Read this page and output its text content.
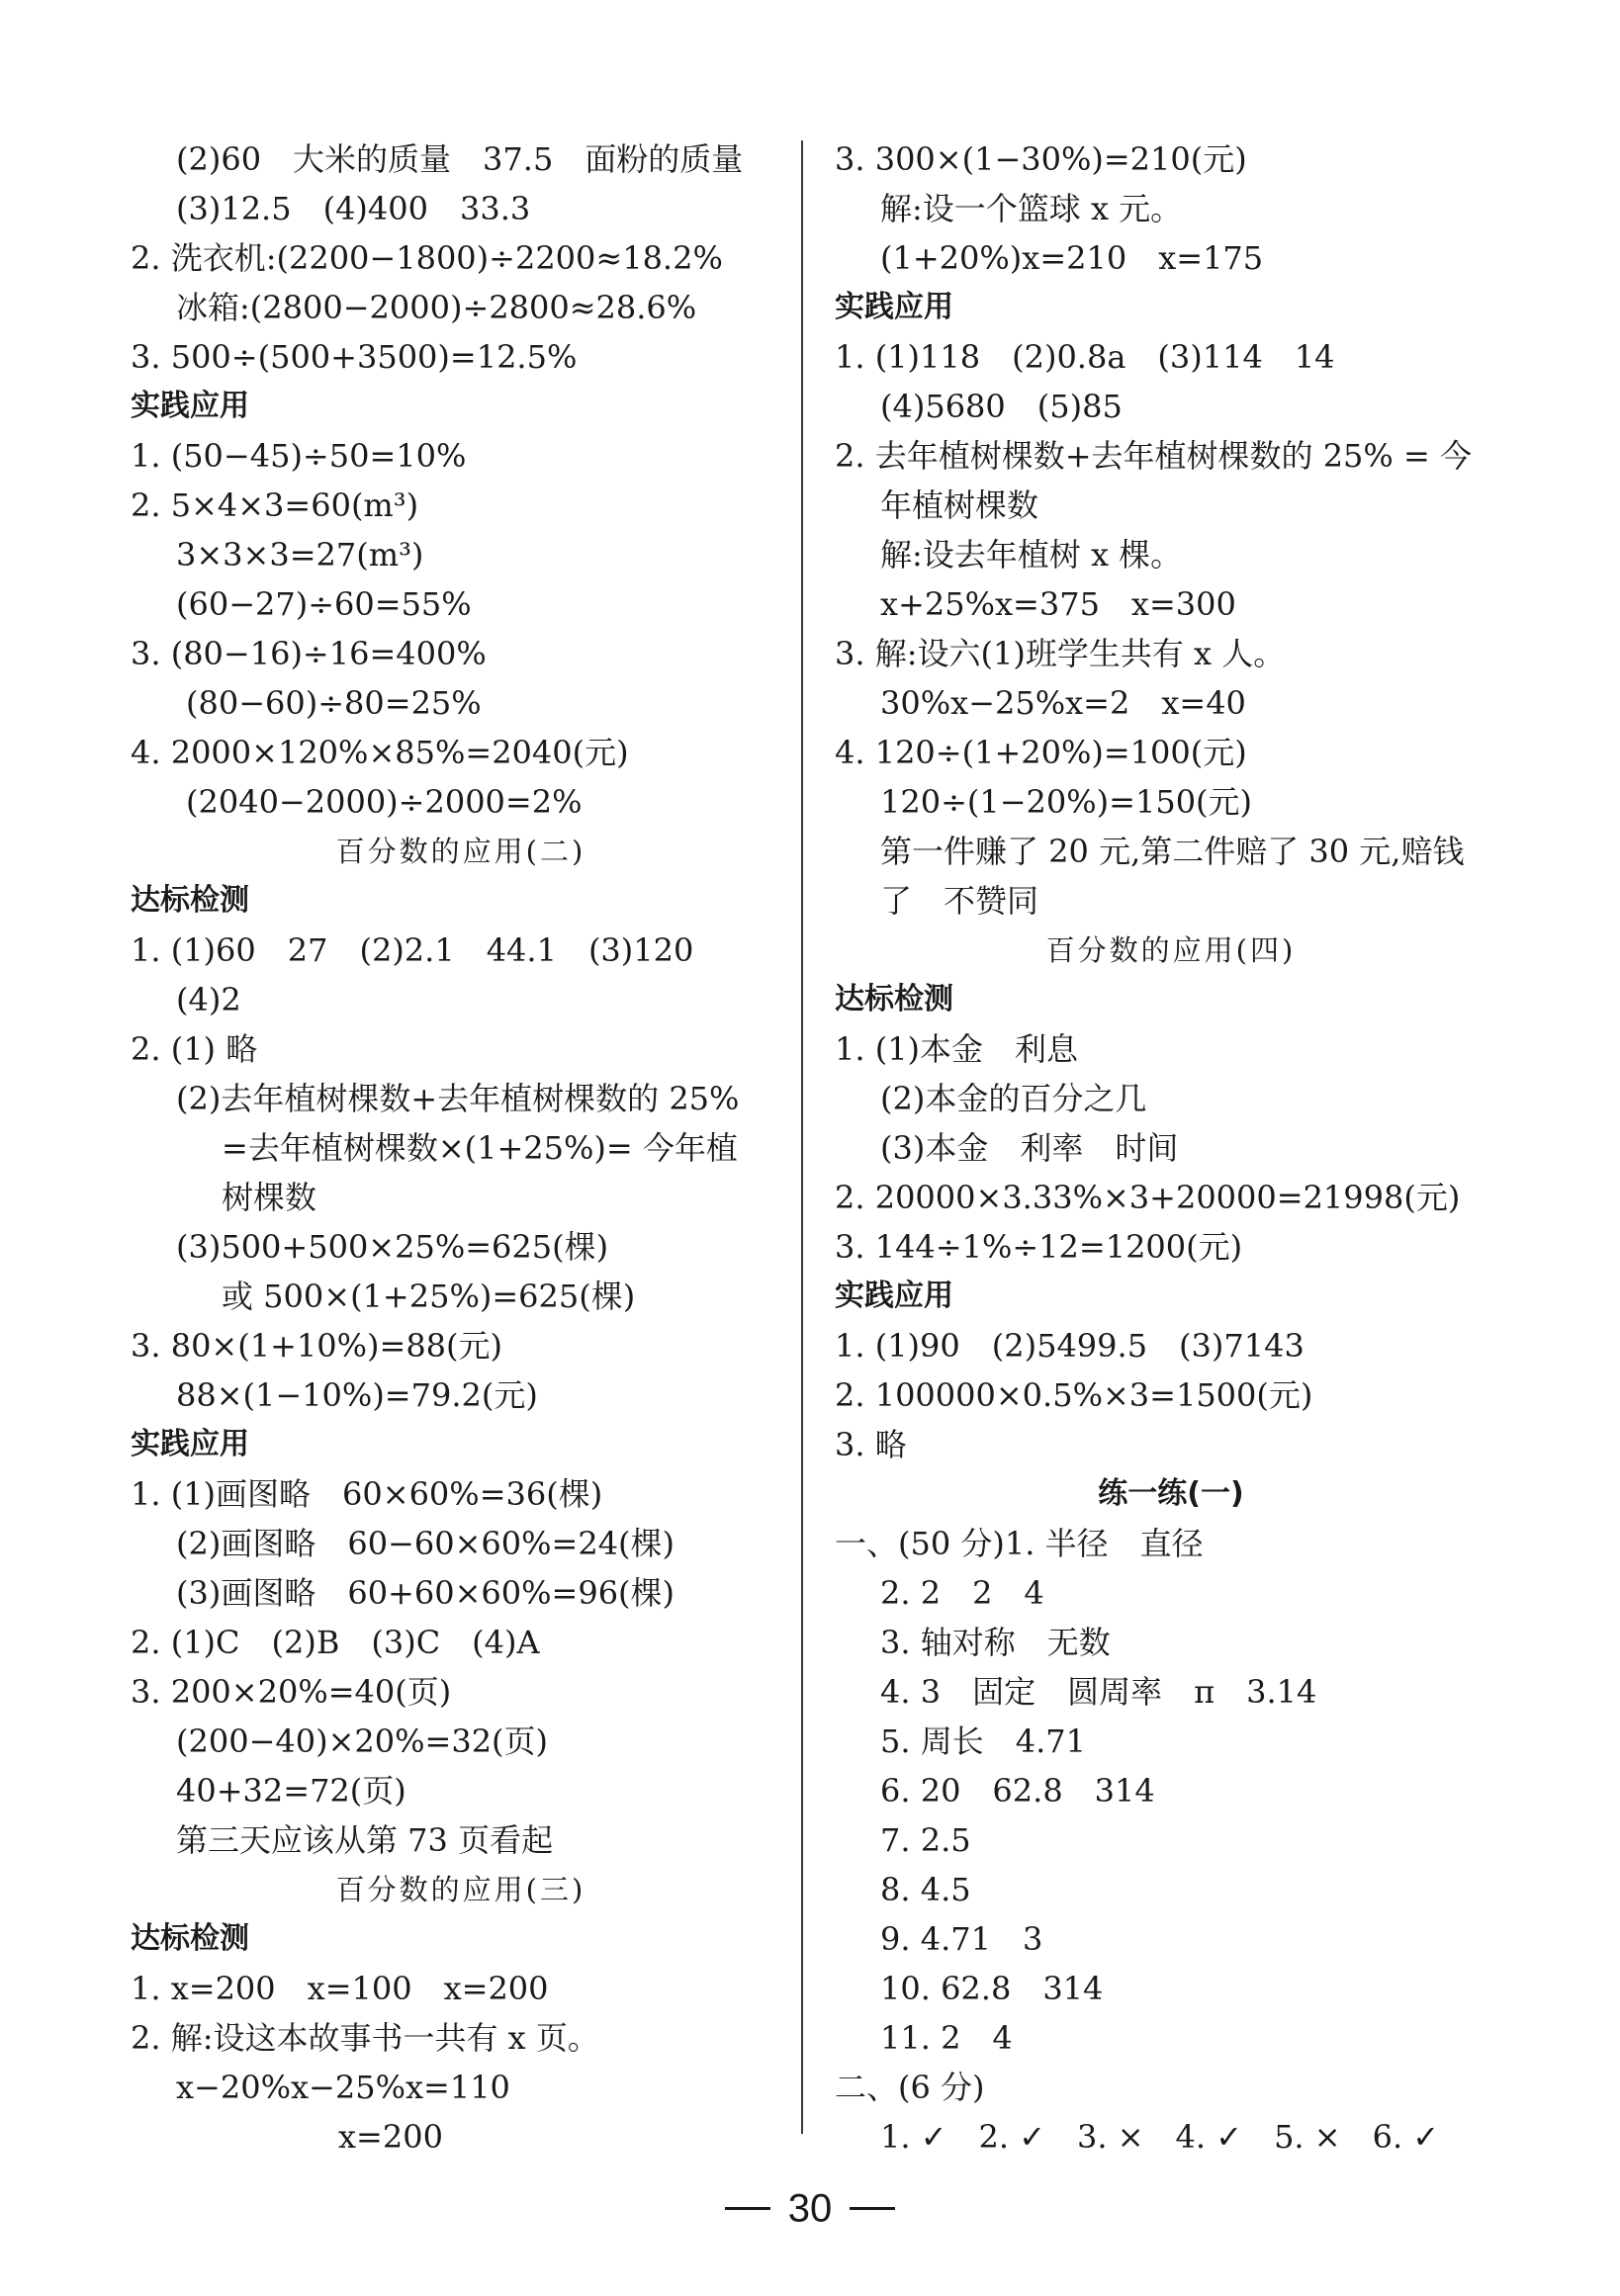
(2)60　大米的质量　37.5　面粉的质量
(3)12.5　(4)400　33.3
2. 洗衣机:(2200−1800)÷2200≈18.2%
冰箱:(2800−2000)÷2800≈28.6%
3. 500÷(500+3500)=12.5%
实践应用
1. (50−45)÷50=10%
2. 5×4×3=60(m³)
3×3×3=27(m³)
(60−27)÷60=55%
3. (80−16)÷16=400%
(80−60)÷80=25%
4. 2000×120%×85%=2040(元)
(2040−2000)÷2000=2%
百分数的应用(二)
达标检测
1. (1)60　27　(2)2.1　44.1　(3)120
(4)2
2. (1) 略
(2)去年植树棵数+去年植树棵数的 25%
=去年植树棵数×(1+25%)= 今年植
树棵数
(3)500+500×25%=625(棵)
或 500×(1+25%)=625(棵)
3. 80×(1+10%)=88(元)
88×(1−10%)=79.2(元)
实践应用
1. (1)画图略　60×60%=36(棵)
(2)画图略　60−60×60%=24(棵)
(3)画图略　60+60×60%=96(棵)
2. (1)C　(2)B　(3)C　(4)A
3. 200×20%=40(页)
(200−40)×20%=32(页)
40+32=72(页)
第三天应该从第 73 页看起
百分数的应用(三)
达标检测
1. x=200　x=100　x=200
2. 解:设这本故事书一共有 x 页。
x−20%x−25%x=110
x=200
3. 300×(1−30%)=210(元)
解:设一个篮球 x 元。
(1+20%)x=210　x=175
实践应用
1. (1)118　(2)0.8a　(3)114　14
(4)5680　(5)85
2. 去年植树棵数+去年植树棵数的 25% = 今
年植树棵数
解:设去年植树 x 棵。
x+25%x=375　x=300
3. 解:设六(1)班学生共有 x 人。
30%x−25%x=2　x=40
4. 120÷(1+20%)=100(元)
120÷(1−20%)=150(元)
第一件赚了 20 元,第二件赔了 30 元,赔钱
了　不赞同
百分数的应用(四)
达标检测
1. (1)本金　利息
(2)本金的百分之几
(3)本金　利率　时间
2. 20000×3.33%×3+20000=21998(元)
3. 144÷1%÷12=1200(元)
实践应用
1. (1)90　(2)5499.5　(3)7143
2. 100000×0.5%×3=1500(元)
3. 略
练一练(一)
一、(50 分)1. 半径　直径
2. 2　2　4
3. 轴对称　无数
4. 3　固定　圆周率　π　3.14
5. 周长　4.71
6. 20　62.8　314
7. 2.5
8. 4.5
9. 4.71　3
10. 62.8　314
11. 2　4
二、(6 分)
1. ✓　2. ✓　3. ×　4. ✓　5. ×　6. ✓
30
